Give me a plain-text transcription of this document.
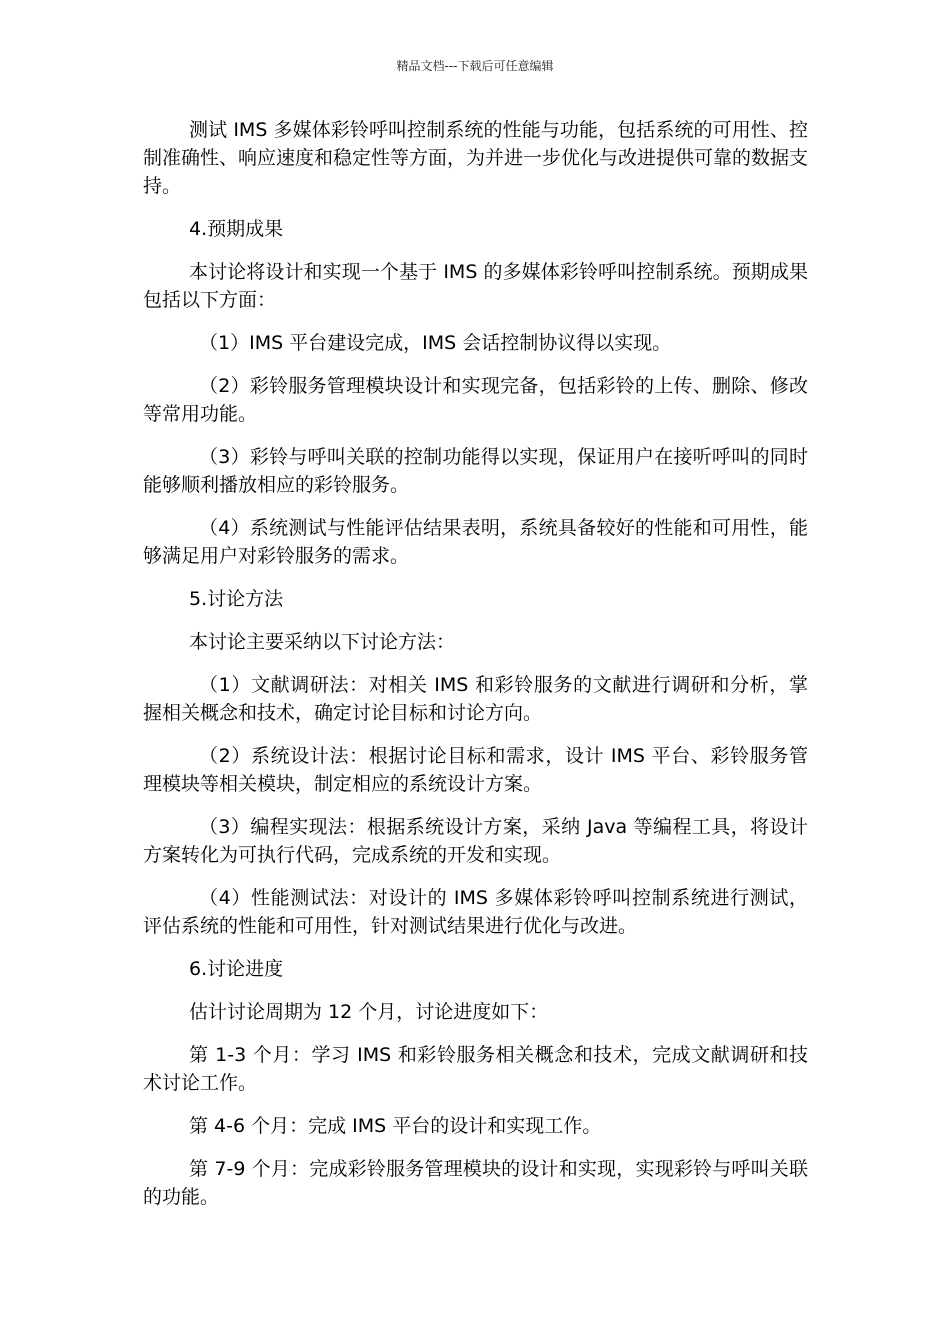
精品文档---下载后可任意编辑

测试 IMS 多媒体彩铃呼叫控制系统的性能与功能，包括系统的可用性、控制准确性、响应速度和稳定性等方面，为并进一步优化与改进提供可靠的数据支持。

4.预期成果

本讨论将设计和实现一个基于 IMS 的多媒体彩铃呼叫控制系统。预期成果包括以下方面：

（1）IMS 平台建设完成，IMS 会话控制协议得以实现。

（2）彩铃服务管理模块设计和实现完备，包括彩铃的上传、删除、修改等常用功能。

（3）彩铃与呼叫关联的控制功能得以实现，保证用户在接听呼叫的同时能够顺利播放相应的彩铃服务。

（4）系统测试与性能评估结果表明，系统具备较好的性能和可用性，能够满足用户对彩铃服务的需求。

5.讨论方法

本讨论主要采纳以下讨论方法：

（1）文献调研法：对相关 IMS 和彩铃服务的文献进行调研和分析，掌握相关概念和技术，确定讨论目标和讨论方向。

（2）系统设计法：根据讨论目标和需求，设计 IMS 平台、彩铃服务管理模块等相关模块，制定相应的系统设计方案。

（3）编程实现法：根据系统设计方案，采纳 Java 等编程工具，将设计方案转化为可执行代码，完成系统的开发和实现。

（4）性能测试法：对设计的 IMS 多媒体彩铃呼叫控制系统进行测试，评估系统的性能和可用性，针对测试结果进行优化与改进。

6.讨论进度

估计讨论周期为 12 个月，讨论进度如下：

第 1-3 个月：学习 IMS 和彩铃服务相关概念和技术，完成文献调研和技术讨论工作。

第 4-6 个月：完成 IMS 平台的设计和实现工作。

第 7-9 个月：完成彩铃服务管理模块的设计和实现，实现彩铃与呼叫关联的功能。
